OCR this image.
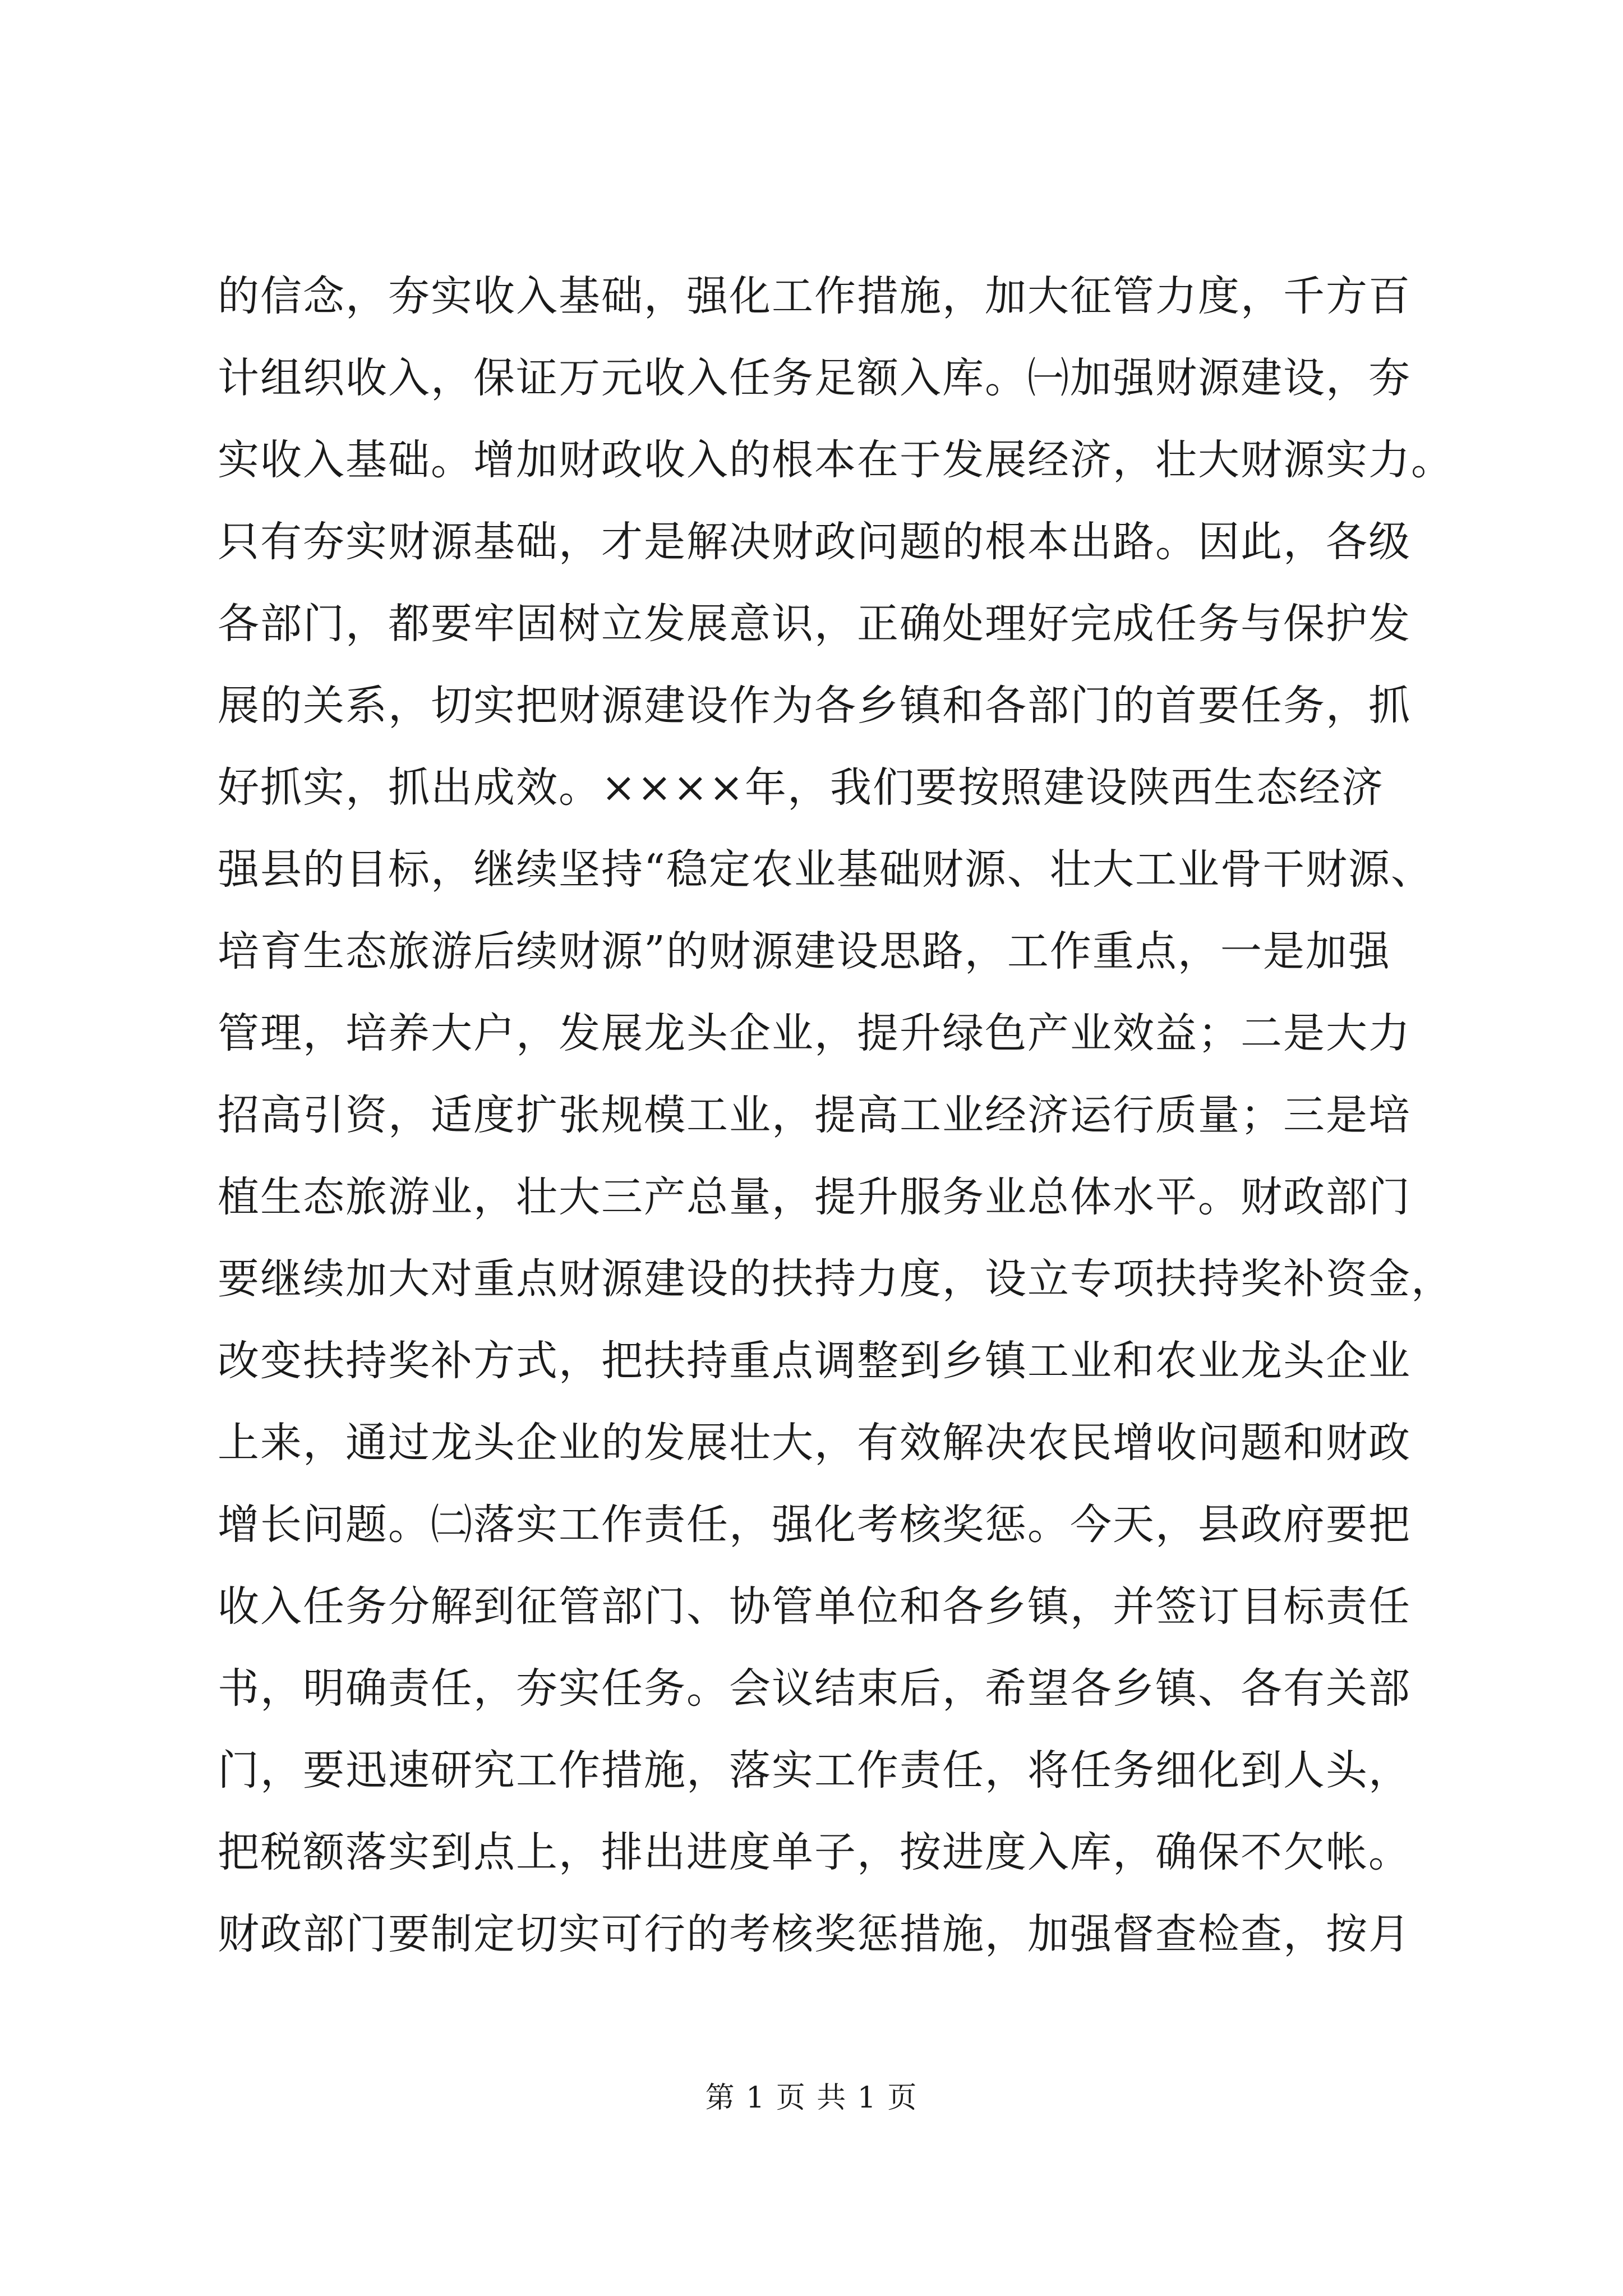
的信念，夯实收入基础，强化工作措施，加大征管力度，千方百
计组织收入，保证万元收入任务足额入库。㈠加强财源建设，夯
实收入基础。增加财政收入的根本在于发展经济，壮大财源实力。
只有夯实财源基础，才是解决财政问题的根本出路。因此，各级
各部门，都要牢固树立发展意识，正确处理好完成任务与保护发
展的关系，切实把财源建设作为各乡镇和各部门的首要任务，抓
好抓实，抓出成效。××××年，我们要按照建设陕西生态经济
强县的目标，继续坚持“稳定农业基础财源、壮大工业骨干财源、
培育生态旅游后续财源”的财源建设思路，工作重点，一是加强
管理，培养大户，发展龙头企业，提升绿色产业效益；二是大力
招高引资，适度扩张规模工业，提高工业经济运行质量；三是培
植生态旅游业，壮大三产总量，提升服务业总体水平。财政部门
要继续加大对重点财源建设的扶持力度，设立专项扶持奖补资金，
改变扶持奖补方式，把扶持重点调整到乡镇工业和农业龙头企业
上来，通过龙头企业的发展壮大，有效解决农民增收问题和财政
增长问题。㈡落实工作责任，强化考核奖惩。今天，县政府要把
收入任务分解到征管部门、协管单位和各乡镇，并签订目标责任
书，明确责任，夯实任务。会议结束后，希望各乡镇、各有关部
门，要迅速研究工作措施，落实工作责任，将任务细化到人头，
把税额落实到点上，排出进度单子，按进度入库，确保不欠帐。
财政部门要制定切实可行的考核奖惩措施，加强督查检查，按月
第 1 页 共 1 页
